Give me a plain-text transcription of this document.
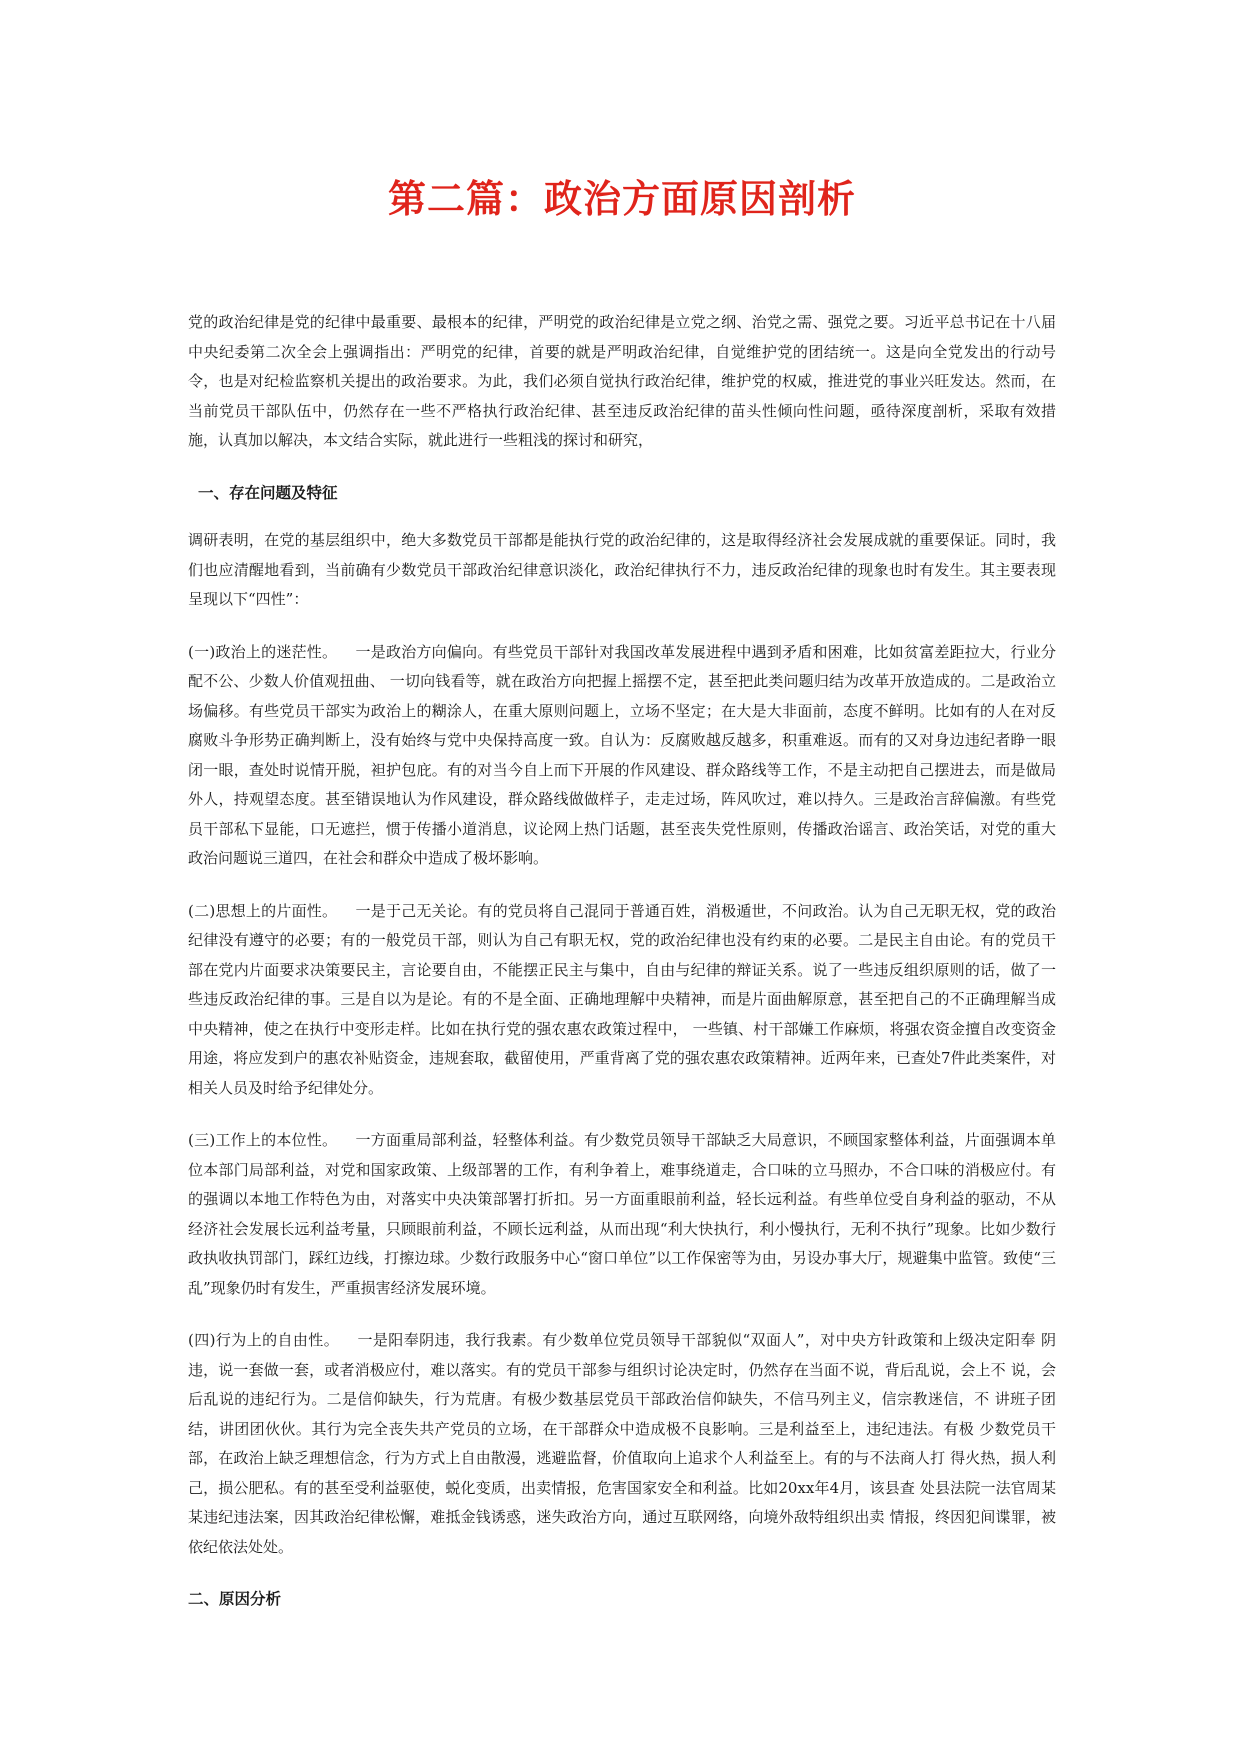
第二篇：政治方面原因剖析

党的政治纪律是党的纪律中最重要、最根本的纪律，严明党的政治纪律是立党之纲、治党之需、强党之要。习近平总书记在十八届中央纪委第二次全会上强调指出：严明党的纪律，首要的就是严明政治纪律，自觉维护党的团结统一。这是向全党发出的行动号令，也是对纪检监察机关提出的政治要求。为此，我们必须自觉执行政治纪律，维护党的权威，推进党的事业兴旺发达。然而，在当前党员干部队伍中，仍然存在一些不严格执行政治纪律、甚至违反政治纪律的苗头性倾向性问题，亟待深度剖析，采取有效措施，认真加以解决，本文结合实际，就此进行一些粗浅的探讨和研究，

一、存在问题及特征

调研表明，在党的基层组织中，绝大多数党员干部都是能执行党的政治纪律的，这是取得经济社会发展成就的重要保证。同时，我们也应清醒地看到，当前确有少数党员干部政治纪律意识淡化，政治纪律执行不力，违反政治纪律的现象也时有发生。其主要表现呈现以下“四性”：

(一)政治上的迷茫性。 一是政治方向偏向。有些党员干部针对我国改革发展进程中遇到矛盾和困难，比如贫富差距拉大，行业分配不公、少数人价值观扭曲、 一切向钱看等，就在政治方向把握上摇摆不定，甚至把此类问题归结为改革开放造成的。二是政治立场偏移。有些党员干部实为政治上的糊涂人，在重大原则问题上，立场不坚定；在大是大非面前，态度不鲜明。比如有的人在对反腐败斗争形势正确判断上，没有始终与党中央保持高度一致。自认为：反腐败越反越多，积重难返。而有的又对身边违纪者睁一眼闭一眼，查处时说情开脱，袒护包庇。有的对当今自上而下开展的作风建设、群众路线等工作，不是主动把自己摆进去，而是做局外人，持观望态度。甚至错误地认为作风建设，群众路线做做样子，走走过场，阵风吹过，难以持久。三是政治言辞偏激。有些党员干部私下显能，口无遮拦，惯于传播小道消息，议论网上热门话题，甚至丧失党性原则，传播政治谣言、政治笑话，对党的重大政治问题说三道四，在社会和群众中造成了极坏影响。

(二)思想上的片面性。 一是于己无关论。有的党员将自己混同于普通百姓，消极遁世，不问政治。认为自己无职无权，党的政治纪律没有遵守的必要；有的一般党员干部，则认为自己有职无权，党的政治纪律也没有约束的必要。二是民主自由论。有的党员干部在党内片面要求决策要民主，言论要自由，不能摆正民主与集中，自由与纪律的辩证关系。说了一些违反组织原则的话，做了一些违反政治纪律的事。三是自以为是论。有的不是全面、正确地理解中央精神，而是片面曲解原意，甚至把自己的不正确理解当成中央精神，使之在执行中变形走样。比如在执行党的强农惠农政策过程中， 一些镇、村干部嫌工作麻烦，将强农资金擅自改变资金用途，将应发到户的惠农补贴资金，违规套取，截留使用，严重背离了党的强农惠农政策精神。近两年来，已查处7件此类案件，对相关人员及时给予纪律处分。

(三)工作上的本位性。 一方面重局部利益，轻整体利益。有少数党员领导干部缺乏大局意识，不顾国家整体利益，片面强调本单位本部门局部利益，对党和国家政策、上级部署的工作，有利争着上，难事绕道走，合口味的立马照办，不合口味的消极应付。有的强调以本地工作特色为由，对落实中央决策部署打折扣。另一方面重眼前利益，轻长远利益。有些单位受自身利益的驱动，不从经济社会发展长远利益考量，只顾眼前利益，不顾长远利益，从而出现“利大快执行，利小慢执行，无利不执行”现象。比如少数行政执收执罚部门，踩红边线，打擦边球。少数行政服务中心“窗口单位”以工作保密等为由，另设办事大厅，规避集中监管。致使“三乱”现象仍时有发生，严重损害经济发展环境。

(四)行为上的自由性。 一是阳奉阴违，我行我素。有少数单位党员领导干部貌似“双面人”，对中央方针政策和上级决定阳奉 阴违，说一套做一套，或者消极应付，难以落实。有的党员干部参与组织讨论决定时，仍然存在当面不说，背后乱说，会上不 说，会后乱说的违纪行为。二是信仰缺失，行为荒唐。有极少数基层党员干部政治信仰缺失，不信马列主义，信宗教迷信，不 讲班子团结，讲团团伙伙。其行为完全丧失共产党员的立场，在干部群众中造成极不良影响。三是利益至上，违纪违法。有极 少数党员干部，在政治上缺乏理想信念，行为方式上自由散漫，逃避监督，价值取向上追求个人利益至上。有的与不法商人打 得火热，损人利己，损公肥私。有的甚至受利益驱使，蜕化变质，出卖情报，危害国家安全和利益。比如20xx年4月，该县查 处县法院一法官周某某违纪违法案，因其政治纪律松懈，难抵金钱诱惑，迷失政治方向，通过互联网络，向境外敌特组织出卖 情报，终因犯间谍罪，被依纪依法处处。

二、原因分析
